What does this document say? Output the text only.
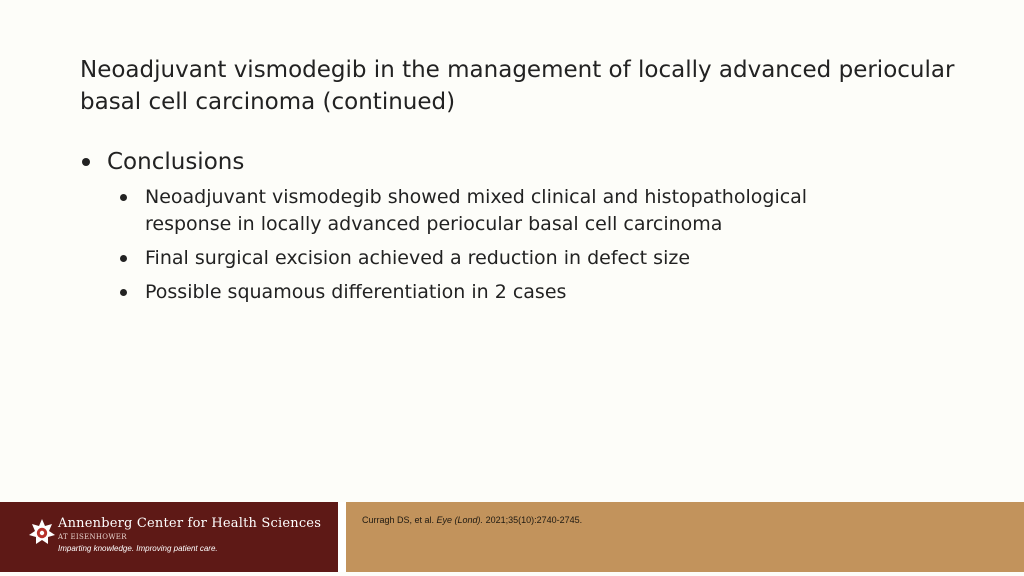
Neoadjuvant vismodegib in the management of locally advanced periocular basal cell carcinoma (continued)
Conclusions
Neoadjuvant vismodegib showed mixed clinical and histopathological response in locally advanced periocular basal cell carcinoma
Final surgical excision achieved a reduction in defect size
Possible squamous differentiation in 2 cases
Annenberg Center for Health Sciences
AT EISENHOWER
Imparting knowledge. Improving patient care.
Curragh DS, et al. Eye (Lond). 2021;35(10):2740-2745.
